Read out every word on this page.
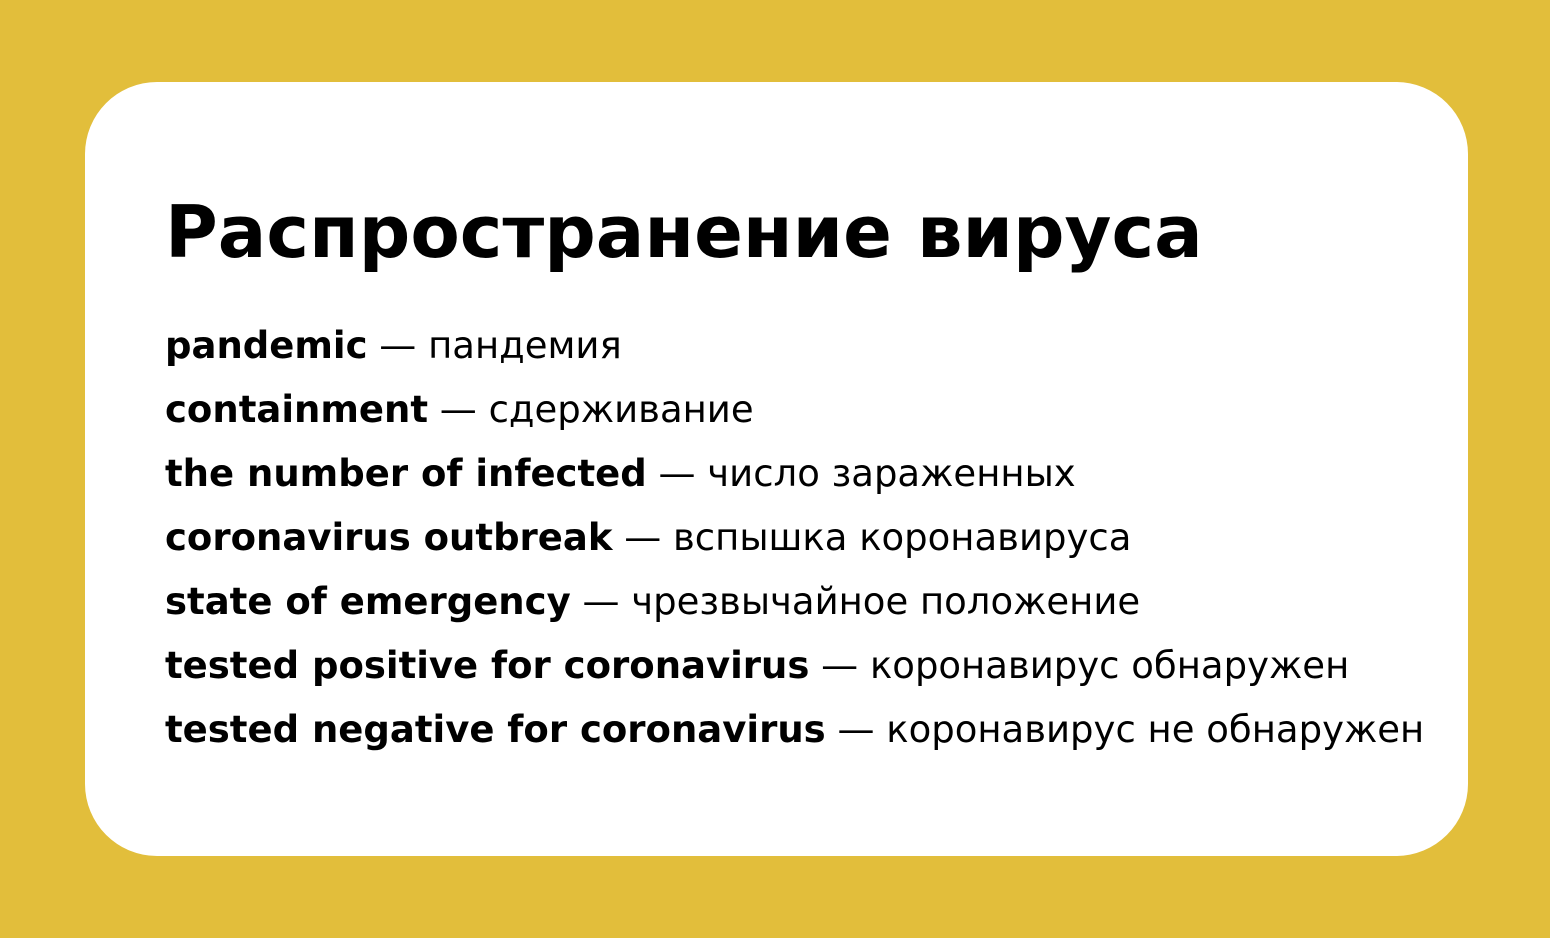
Распространение вируса
pandemic — пандемия
containment — сдерживание
the number of infected — число зараженных
coronavirus outbreak — вспышка коронавируса
state of emergency — чрезвычайное положение
tested positive for coronavirus — коронавирус обнаружен
tested negative for coronavirus — коронавирус не обнаружен
